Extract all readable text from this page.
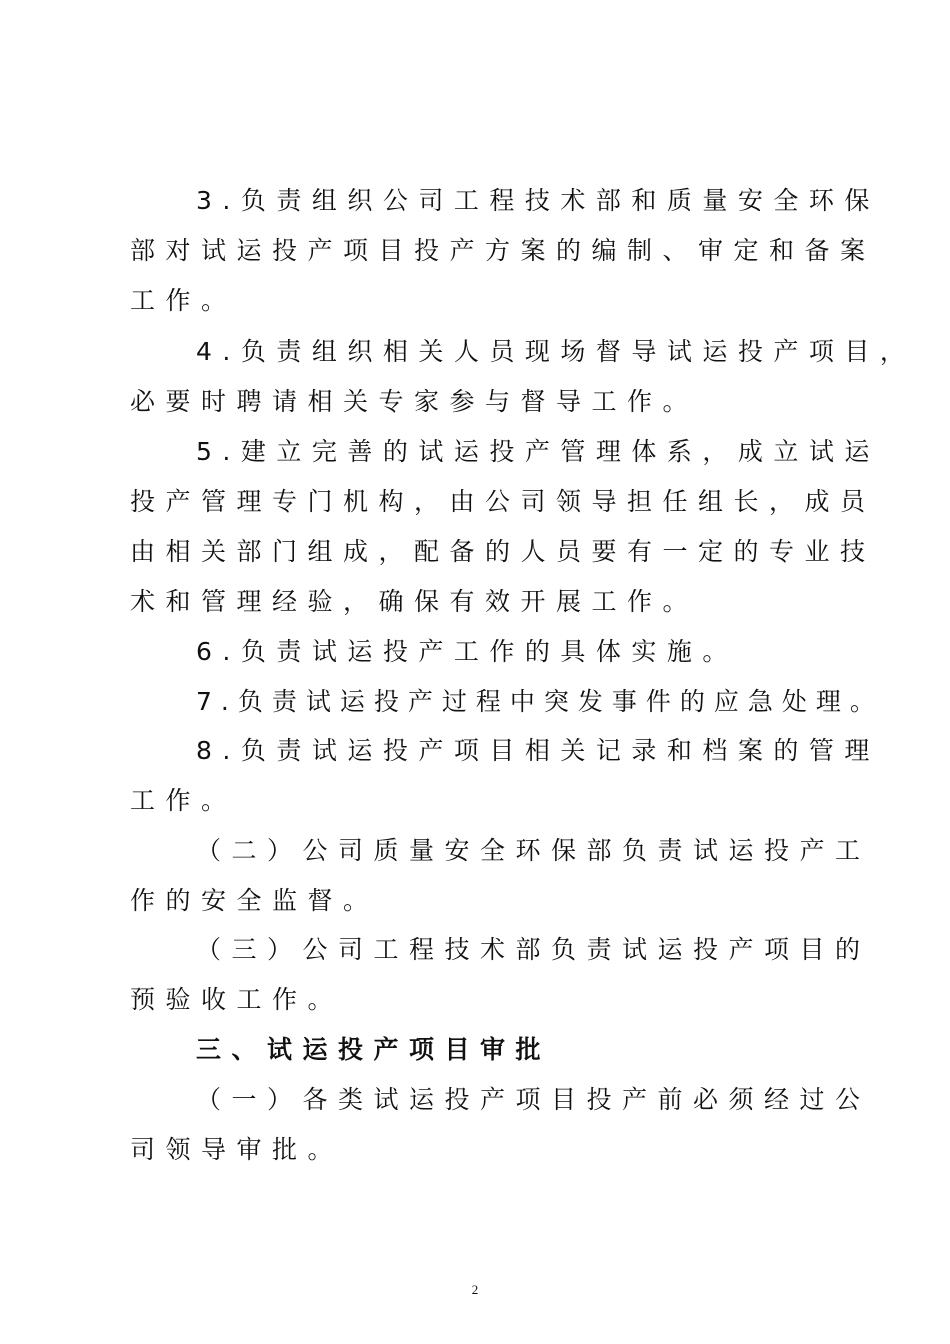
3.负责组织公司工程技术部和质量安全环保
部对试运投产项目投产方案的编制、审定和备案
工作。
4.负责组织相关人员现场督导试运投产项目，
必要时聘请相关专家参与督导工作。
5.建立完善的试运投产管理体系，成立试运
投产管理专门机构，由公司领导担任组长，成员
由相关部门组成，配备的人员要有一定的专业技
术和管理经验，确保有效开展工作。
6.负责试运投产工作的具体实施。
7.负责试运投产过程中突发事件的应急处理。
8.负责试运投产项目相关记录和档案的管理
工作。
（二）公司质量安全环保部负责试运投产工
作的安全监督。
（三）公司工程技术部负责试运投产项目的
预验收工作。
三、试运投产项目审批
（一）各类试运投产项目投产前必须经过公
司领导审批。
2
